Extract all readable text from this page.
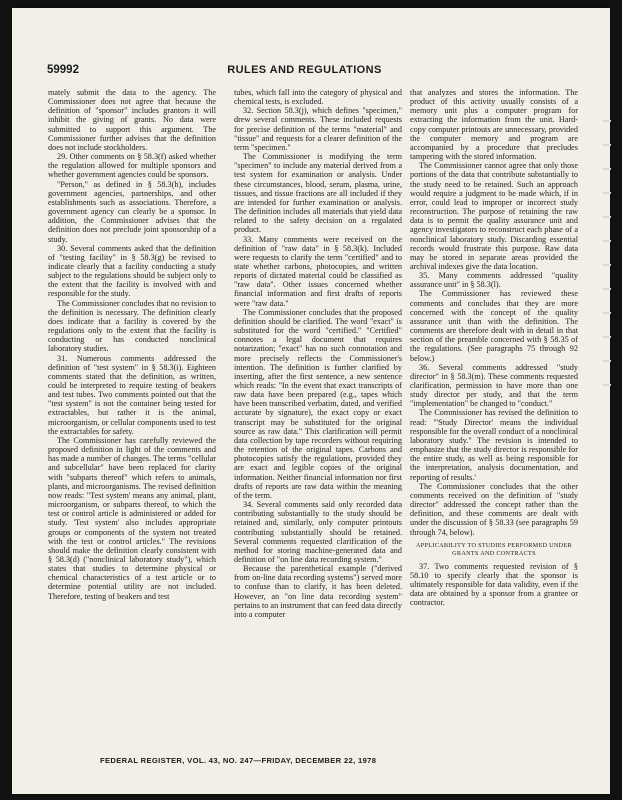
59992	RULES AND REGULATIONS

mately submit the data to the agency. The Commissioner does not agree that because the definition of "sponsor" includes grantors it will inhibit the giving of grants. No data were submitted to support this argument. The Commissioner further advises that the definition does not include stockholders.

29. Other comments on § 58.3(f) asked whether the regulation allowed for multiple sponsors and whether government agencies could be sponsors.

"Person," as defined in § 58.3(h), includes government agencies, partnerships, and other establishments such as associations. Therefore, a government agency can clearly be a sponsor. In addition, the Commissioner advises that the definition does not preclude joint sponsorship of a study.

30. Several comments asked that the definition of "testing facility" in § 58.3(g) be revised to indicate clearly that a facility conducting a study subject to the regulations should be subject only to the extent that the facility is involved with and responsible for the study.

The Commissioner concludes that no revision to the definition is necessary. The definition clearly does indicate that a facility is covered by the regulations only to the extent that the facility is conducting or has conducted nonclinical laboratory studies.

31. Numerous comments addressed the definition of "test system" in § 58.3(i). Eighteen comments stated that the definition, as written, could be interpreted to require testing of beakers and test tubes. Two comments pointed out that the "test system" is not the container being tested for extractables, but rather it is the animal, microorganism, or cellular components used to test the extractables for safety.

The Commissioner has carefully reviewed the proposed definition in light of the comments and has made a number of changes. The terms "cellular and subcellular" have been replaced for clarity with "subparts thereof" which refers to animals, plants, and microorganisms. The revised definition now reads: "Test system' means any animal, plant, microorganism, or subparts thereof, to which the test or control article is administered or added for study. 'Test system' also includes appropriate groups or components of the system not treated with the test or control articles." The revisions should make the definition clearly consistent with § 58.3(d) ("nonclinical laboratory study"), which states that studies to determine physical or chemical characteristics of a test article or to determine potential utility are not included. Therefore, testing of beakers and test

tubes, which fall into the category of physical and chemical tests, is excluded.

32. Section 58.3(j), which defines "specimen," drew several comments. These included requests for precise definition of the terms "material" and "tissue" and requests for a clearer definition of the term "specimen."

The Commissioner is modifying the term "specimen" to include any material derived from a test system for examination or analysis. Under these circumstances, blood, serum, plasma, urine, tissues, and tissue fractions are all included if they are intended for further examination or analysis. The definition includes all materials that yield data related to the safety decision on a regulated product.

33. Many comments were received on the definition of "raw data" in § 58.3(k). Included were requests to clarify the term "certified" and to state whether carbons, photocopies, and written reports of dictated material could be classified as "raw data". Other issues concerned whether financial information and first drafts of reports were "raw data."

The Commissioner concludes that the proposed definition should be clarified. The word "exact" is substituted for the word "certified." "Certified" connotes a legal document that requires notarization; "exact" has no such connotation and more precisely reflects the Commissioner's intention. The definition is further clarified by inserting, after the first sentence, a new sentence which reads: "In the event that exact transcripts of raw data have been prepared (e.g., tapes which have been transcribed verbatim, dated, and verified accurate by signature), the exact copy or exact transcript may be substituted for the original source as raw data." This clarification will permit data collection by tape recorders without requiring the retention of the original tapes. Carbons and photocopies satisfy the regulations, provided they are exact and legible copies of the original information. Neither financial information nor first drafts of reports are raw data within the meaning of the term.

34. Several comments said only recorded data contributing substantially to the study should be retained and, similarly, only computer printouts contributing substantially should be retained. Several comments requested clarification of the method for storing machine-generated data and definition of "on line data recording system."

Because the parenthetical example ("derived from on-line data recording systems") served more to confuse than to clarify, it has been deleted. However, an "on line data recording system" pertains to an instrument that can feed data directly into a computer

that analyzes and stores the information. The product of this activity usually consists of a memory unit plus a computer program for extracting the information from the unit. Hard-copy computer printouts are unnecessary, provided the computer memory and program are accompanied by a procedure that precludes tampering with the stored information.

The Commissioner cannot agree that only those portions of the data that contribute substantially to the study need to be retained. Such an approach would require a judgment to be made which, if in error, could lead to improper or incorrect study reconstruction. The purpose of retaining the raw data is to permit the quality assurance unit and agency investigators to reconstruct each phase of a nonclinical laboratory study. Discarding essential records would frustrate this purpose. Raw data may be stored in separate areas provided the archival indexes give the data location.

35. Many comments addressed "quality assurance unit" in § 58.3(l).

The Commissioner has reviewed these comments and concludes that they are more concerned with the concept of the quality assurance unit than with the definition. The comments are therefore dealt with in detail in that section of the preamble concerned with § 58.35 of the regulations. (See paragraphs 75 through 92 below.)

36. Several comments addressed "study director" in § 58.3(m). These comments requested clarification, permission to have more than one study director per study, and that the term "implementation" be changed to "conduct."

The Commissioner has revised the definition to read: "'Study Director' means the individual responsible for the overall conduct of a nonclinical laboratory study." The revision is intended to emphasize that the study director is responsible for the entire study, as well as being responsible for the interpretation, analysis documentation, and reporting of results.'

The Commissioner concludes that the other comments received on the definition of "study director" addressed the concept rather than the definition, and these comments are dealt with under the discussion of § 58.33 (see paragraphs 59 through 74, below).

APPLICABILITY TO STUDIES PERFORMED UNDER GRANTS AND CONTRACTS

37. Two comments requested revision of § 58.10 to specify clearly that the sponsor is ultimately responsible for data validity, even if the data are obtained by a sponsor from a grantee or contractor.

FEDERAL REGISTER, VOL. 43, NO. 247—FRIDAY, DECEMBER 22, 1978
